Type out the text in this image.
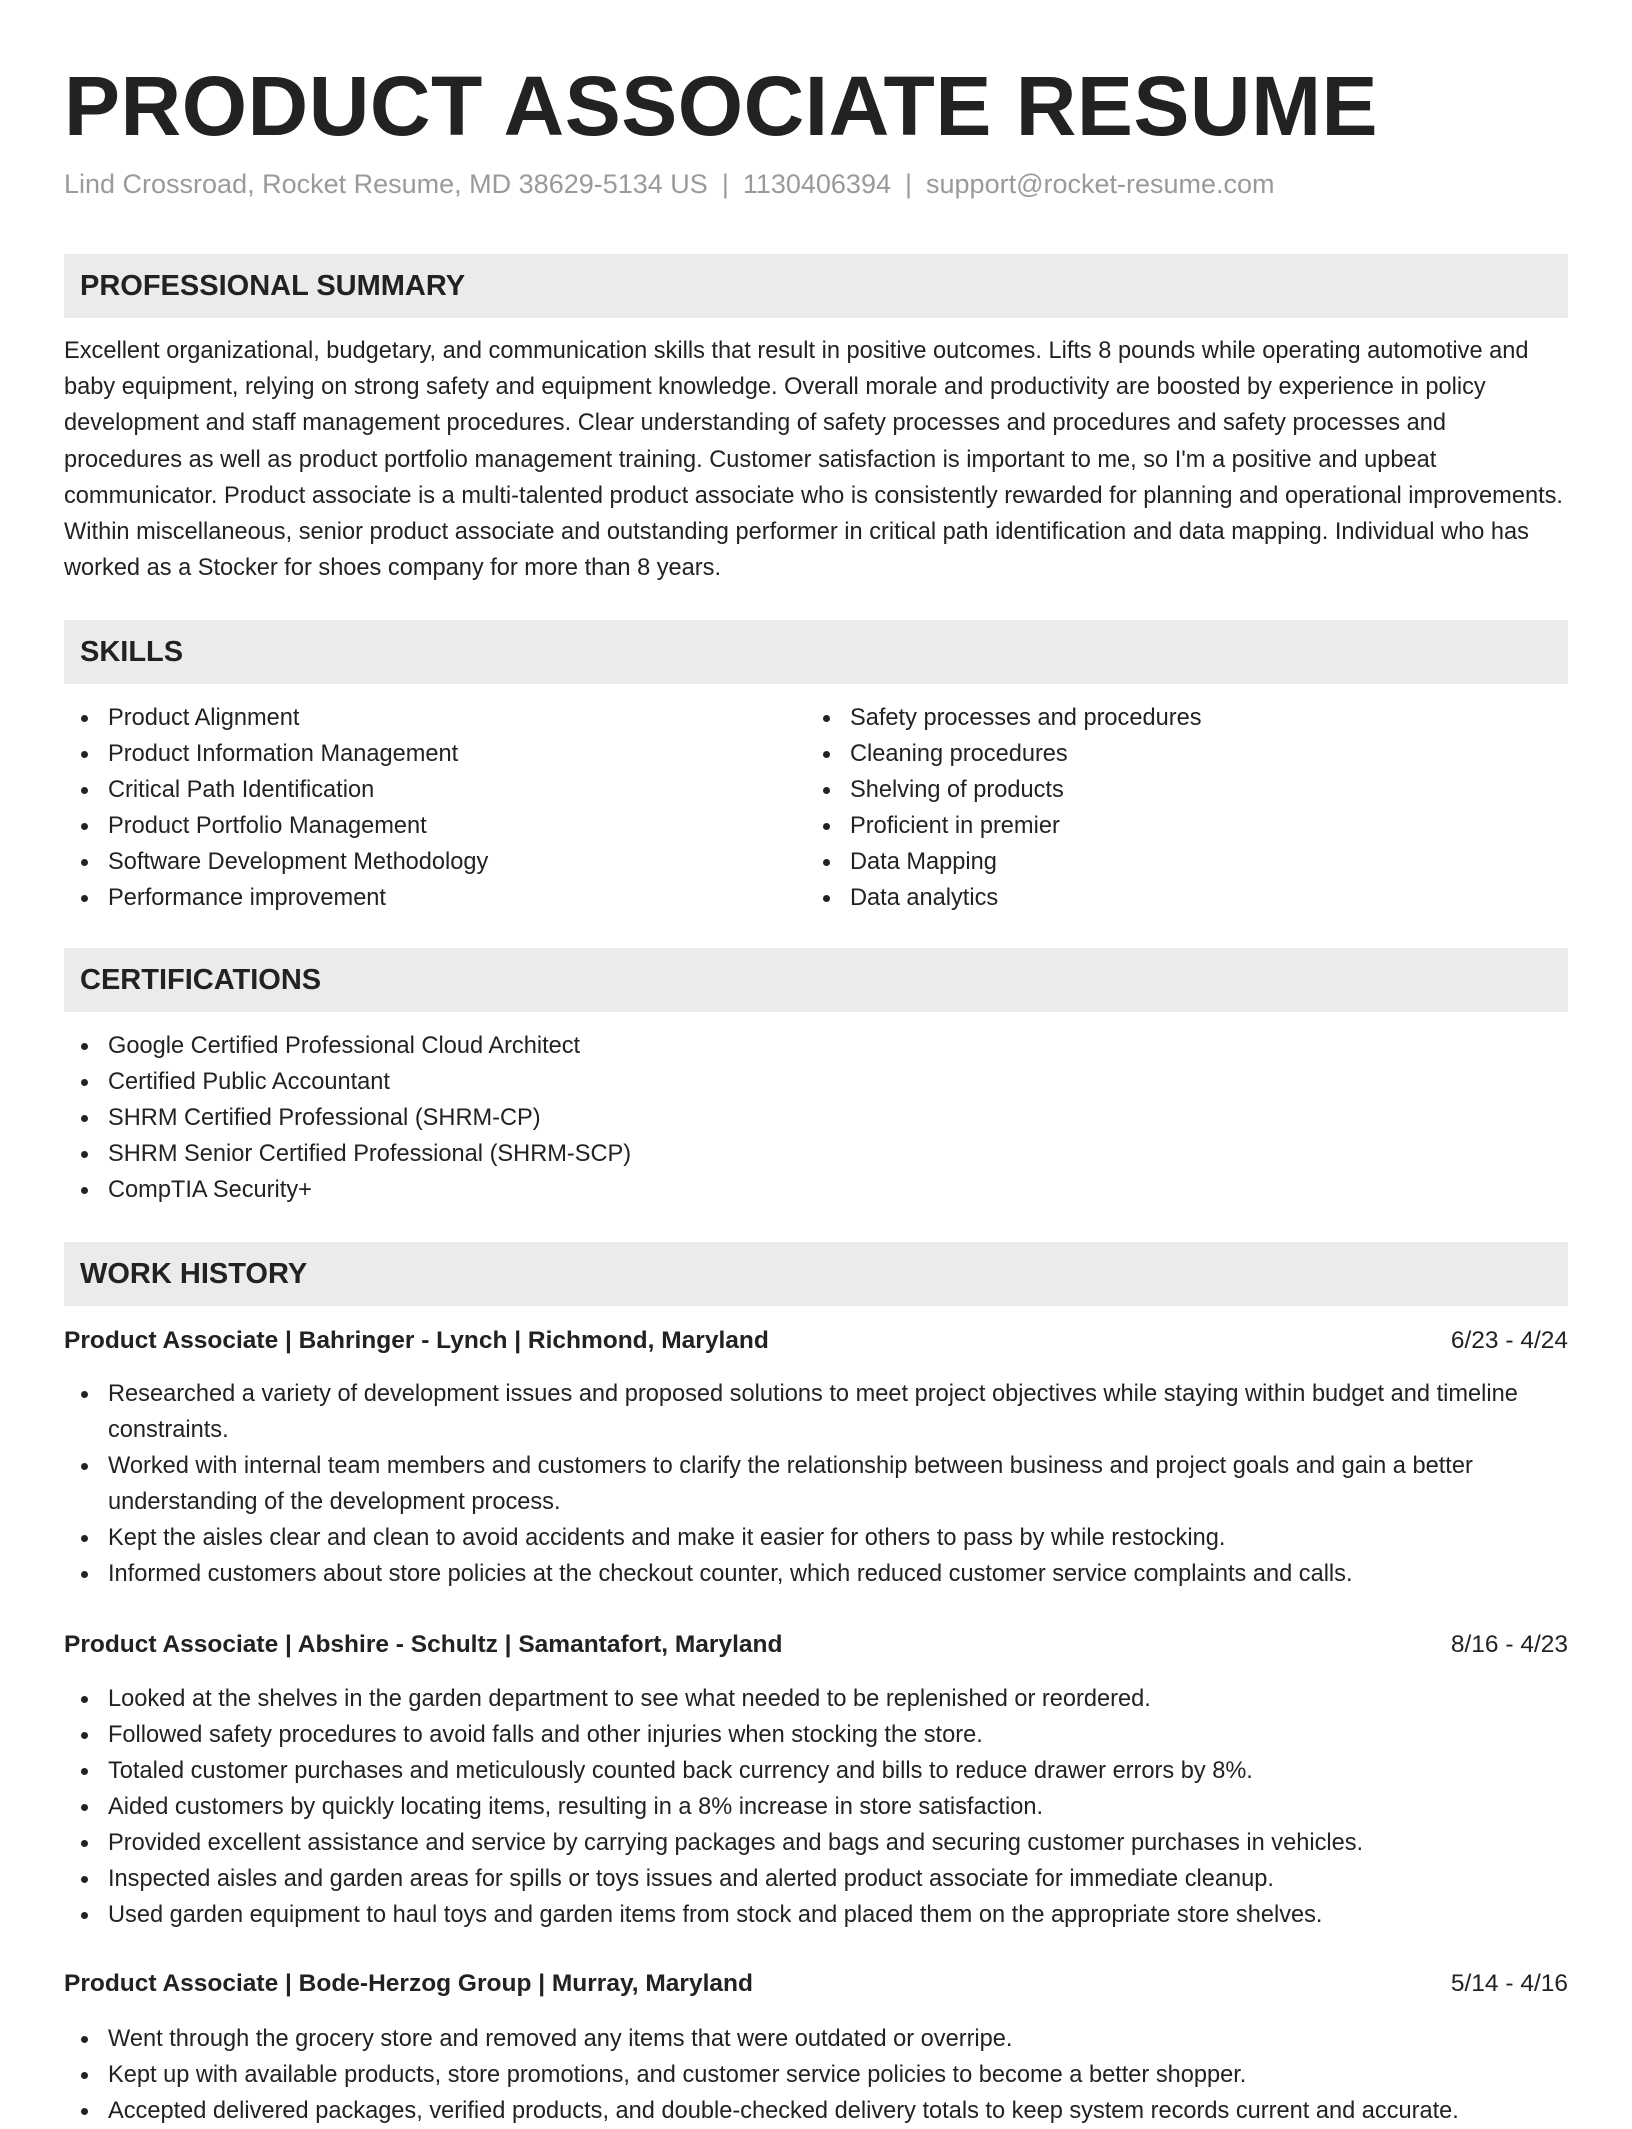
PRODUCT ASSOCIATE RESUME
Lind Crossroad, Rocket Resume, MD 38629-5134 US | 1130406394 | support@rocket-resume.com
PROFESSIONAL SUMMARY

Excellent organizational, budgetary, and communication skills that result in positive outcomes. Lifts 8 pounds while operating automotive and baby equipment, relying on strong safety and equipment knowledge. Overall morale and productivity are boosted by experience in policy development and staff management procedures. Clear understanding of safety processes and procedures and safety processes and procedures as well as product portfolio management training. Customer satisfaction is important to me, so I'm a positive and upbeat communicator. Product associate is a multi-talented product associate who is consistently rewarded for planning and operational improvements. Within miscellaneous, senior product associate and outstanding performer in critical path identification and data mapping. Individual who has worked as a Stocker for shoes company for more than 8 years.

SKILLS
Product Alignment
Product Information Management
Critical Path Identification
Product Portfolio Management
Software Development Methodology
Performance improvement
Safety processes and procedures
Cleaning procedures
Shelving of products
Proficient in premier
Data Mapping
Data analytics
CERTIFICATIONS
Google Certified Professional Cloud Architect
Certified Public Accountant
SHRM Certified Professional (SHRM-CP)
SHRM Senior Certified Professional (SHRM-SCP)
CompTIA Security+
WORK HISTORY
Product Associate | Bahringer - Lynch | Richmond, Maryland	6/23 - 4/24
Researched a variety of development issues and proposed solutions to meet project objectives while staying within budget and timeline constraints.
Worked with internal team members and customers to clarify the relationship between business and project goals and gain a better understanding of the development process.
Kept the aisles clear and clean to avoid accidents and make it easier for others to pass by while restocking.
Informed customers about store policies at the checkout counter, which reduced customer service complaints and calls.
Product Associate | Abshire - Schultz | Samantafort, Maryland	8/16 - 4/23
Looked at the shelves in the garden department to see what needed to be replenished or reordered.
Followed safety procedures to avoid falls and other injuries when stocking the store.
Totaled customer purchases and meticulously counted back currency and bills to reduce drawer errors by 8%.
Aided customers by quickly locating items, resulting in a 8% increase in store satisfaction.
Provided excellent assistance and service by carrying packages and bags and securing customer purchases in vehicles.
Inspected aisles and garden areas for spills or toys issues and alerted product associate for immediate cleanup.
Used garden equipment to haul toys and garden items from stock and placed them on the appropriate store shelves.
Product Associate | Bode-Herzog Group | Murray, Maryland	5/14 - 4/16
Went through the grocery store and removed any items that were outdated or overripe.
Kept up with available products, store promotions, and customer service policies to become a better shopper.
Accepted delivered packages, verified products, and double-checked delivery totals to keep system records current and accurate.
